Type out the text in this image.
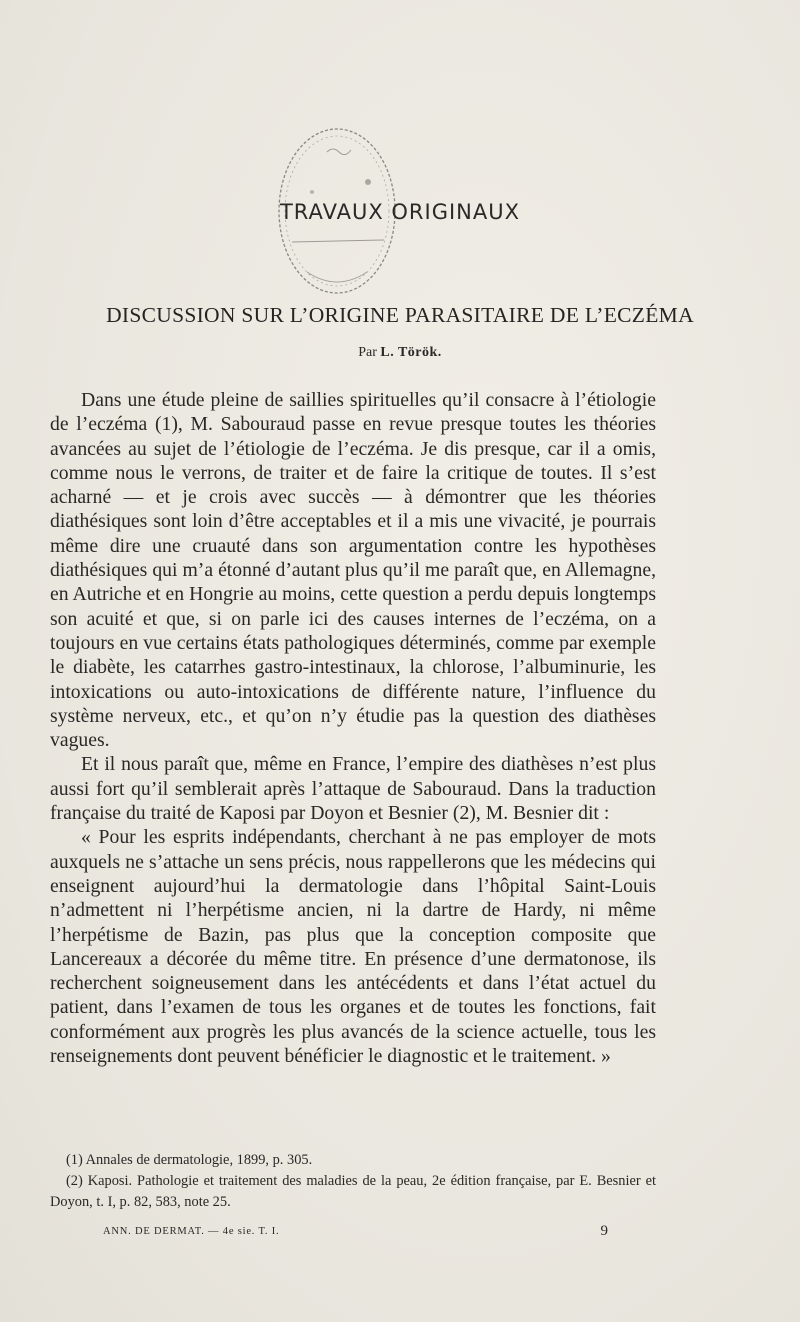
TRAVAUX ORIGINAUX
DISCUSSION SUR L’ORIGINE PARASITAIRE DE L’ECZÉMA
Par L. Török.

Dans une étude pleine de saillies spirituelles qu’il consacre à l’étiologie de l’eczéma (1), M. Sabouraud passe en revue presque toutes les théories avancées au sujet de l’étiologie de l’eczéma. Je dis presque, car il a omis, comme nous le verrons, de traiter et de faire la critique de toutes. Il s’est acharné — et je crois avec succès — à démontrer que les théories diathésiques sont loin d’être acceptables et il a mis une vivacité, je pourrais même dire une cruauté dans son argumentation contre les hypothèses diathésiques qui m’a étonné d’autant plus qu’il me paraît que, en Allemagne, en Autriche et en Hongrie au moins, cette question a perdu depuis longtemps son acuité et que, si on parle ici des causes internes de l’eczéma, on a toujours en vue certains états pathologiques déterminés, comme par exemple le diabète, les catarrhes gastro-intestinaux, la chlorose, l’albuminurie, les intoxications ou auto-intoxications de différente nature, l’influence du système nerveux, etc., et qu’on n’y étudie pas la question des diathèses vagues.

Et il nous paraît que, même en France, l’empire des diathèses n’est plus aussi fort qu’il semblerait après l’attaque de Sabouraud. Dans la traduction française du traité de Kaposi par Doyon et Besnier (2), M. Besnier dit :

« Pour les esprits indépendants, cherchant à ne pas employer de mots auxquels ne s’attache un sens précis, nous rappellerons que les médecins qui enseignent aujourd’hui la dermatologie dans l’hôpital Saint-Louis n’admettent ni l’herpétisme ancien, ni la dartre de Hardy, ni même l’herpétisme de Bazin, pas plus que la conception composite que Lancereaux a décorée du même titre. En présence d’une dermatonose, ils recherchent soigneusement dans les antécédents et dans l’état actuel du patient, dans l’examen de tous les organes et de toutes les fonctions, fait conformément aux progrès les plus avancés de la science actuelle, tous les renseignements dont peuvent bénéficier le diagnostic et le traitement. »

(1) Annales de dermatologie, 1899, p. 305.

(2) Kaposi. Pathologie et traitement des maladies de la peau, 2e édition française, par E. Besnier et Doyon, t. I, p. 82, 583, note 25.

ANN. DE DERMAT. — 4e sie. T. I.	9
